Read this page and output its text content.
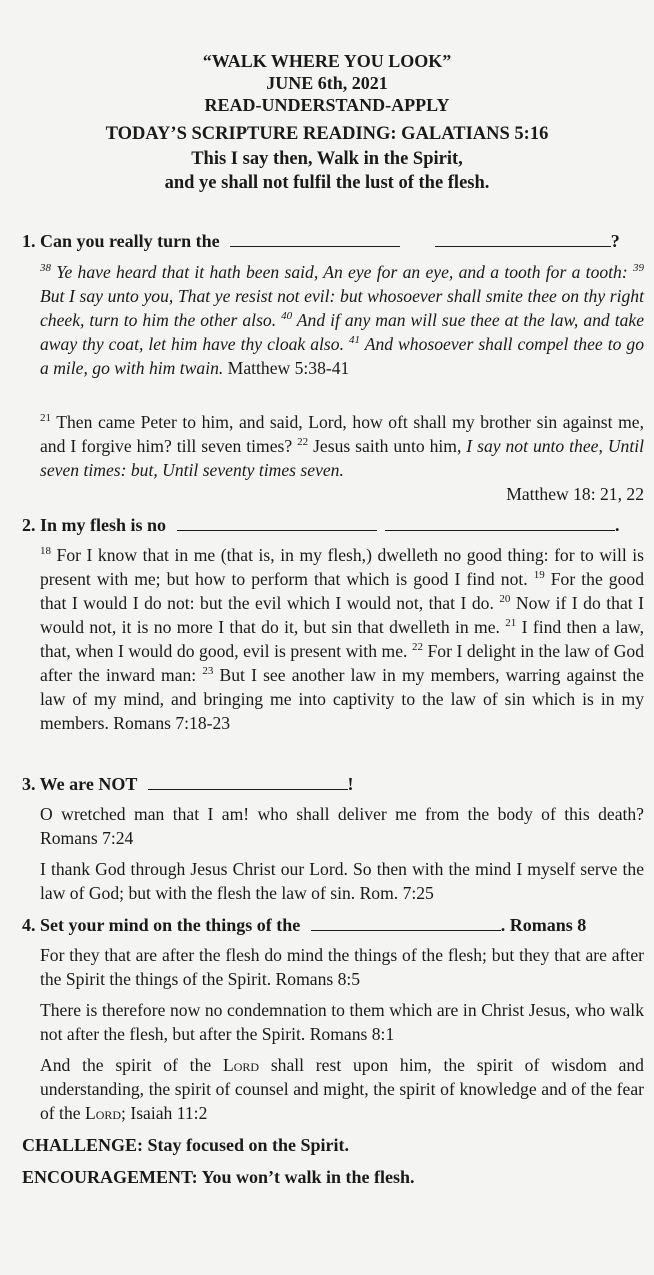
“WALK WHERE YOU LOOK”
JUNE 6th, 2021
READ-UNDERSTAND-APPLY
TODAY’S SCRIPTURE READING: GALATIANS 5:16
This I say then, Walk in the Spirit,
and ye shall not fulfil the lust of the flesh.
1. Can you really turn the	?
$^{38}$ Ye have heard that it hath been said, An eye for an eye, and a tooth for a tooth: $^{39}$ But I say unto you, That ye resist not evil: but whosoever shall smite thee on thy right cheek, turn to him the other also. $^{40}$ And if any man will sue thee at the law, and take away thy coat, let him have thy cloak also. $^{41}$ And whosoever shall compel thee to go a mile, go with him twain. Matthew 5:38-41
$^{21}$ Then came Peter to him, and said, Lord, how oft shall my brother sin against me, and I forgive him? till seven times? $^{22}$ Jesus saith unto him, I say not unto thee, Until seven times: but, Until seventy times seven.
Matthew 18: 21, 22
2. In my flesh is no	.
$^{18}$ For I know that in me (that is, in my flesh,) dwelleth no good thing: for to will is present with me; but how to perform that which is good I find not. $^{19}$ For the good that I would I do not: but the evil which I would not, that I do. $^{20}$ Now if I do that I would not, it is no more I that do it, but sin that dwelleth in me. $^{21}$ I find then a law, that, when I would do good, evil is present with me. $^{22}$ For I delight in the law of God after the inward man: $^{23}$ But I see another law in my members, warring against the law of my mind, and bringing me into captivity to the law of sin which is in my members. Romans 7:18-23
3. We are NOT	!
O wretched man that I am! who shall deliver me from the body of this death? Romans 7:24
I thank God through Jesus Christ our Lord. So then with the mind I myself serve the law of God; but with the flesh the law of sin. Rom. 7:25
4. Set your mind on the things of the	. Romans 8
For they that are after the flesh do mind the things of the flesh; but they that are after the Spirit the things of the Spirit. Romans 8:5
There is therefore now no condemnation to them which are in Christ Jesus, who walk not after the flesh, but after the Spirit. Romans 8:1
And the spirit of the Lord shall rest upon him, the spirit of wisdom and understanding, the spirit of counsel and might, the spirit of knowledge and of the fear of the Lord; Isaiah 11:2
CHALLENGE: Stay focused on the Spirit.
ENCOURAGEMENT: You won’t walk in the flesh.
